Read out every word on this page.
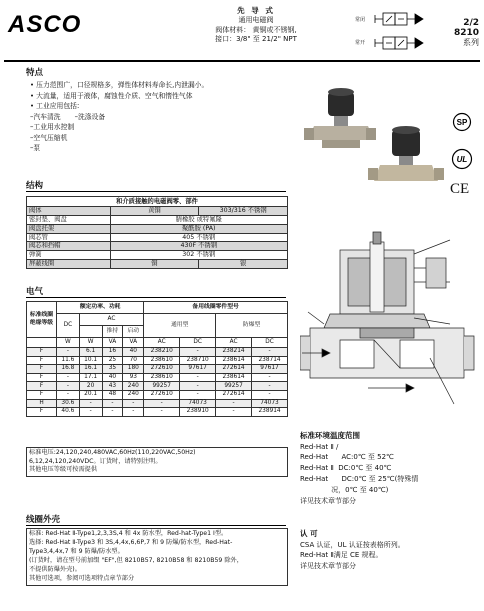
ASCO
先 导 式
通用电磁阀
阀体材料： 黄铜或不锈钢,
接口：3/8" 至 21/2" NPT
常闭
常开
2/2
8210
系列
特点
• 压力范围广，口径规格多，弹性体材料寿命长,内泄漏小。
• 大流量，适用于液体，腐蚀性介质、空气和惰性气体
• 工业应用包括:
–汽车清洗 –洗涤设备
–工业用水控制
–空气压缩机
–泵
SP
UL
CE
结构
和介质接触的电磁阀零、部件		
阀体	黄铜	303/316 不锈钢
密封垫、阀盘	腈橡胶 或特氟隆	
阀盘托架	聚酰胺 (PA)	
阀芯管	405 不锈钢	
阀芯和挡帽	430F 不锈钢	
弹簧	302 不锈钢	
屏蔽线圈	铜	银
电气
标准线圈绝缘等级	额定功率、功耗				备用线圈零件型号			
	DC	AC			通用型		防爆型	
			推持	启动				
	W	W	VA	VA	AC	DC	AC	DC
F	-	6.1	16	40	238210	-	238214	-
F	11.6	10.1	25	70	238610	238710	238614	238714
F	16.8	16.1	35	180	272610	97617	272614	97617
F	-	17.1	40	93	238610	-	238614	-
F	-	20	43	240	99257	-	99257	-
F	-	20.1	48	240	272610	-	272614	-
H	30.6	-	-	-	-	74073	-	74073
F	40.6	-	-	-	-	238910	-	238914
标准电压:24,120,240,480VAC,60Hz(110,220VAC,50Hz)
6,12,24,120,240VDC。订货时，请特别注明。
其他电压等级可按需提供
线圈外壳
标准: Red-Hat Ⅱ-Type1,2,3,3S,4 和 4x 防水型，Red-hat-Type1 Ⅰ型。
选择: Red-Hat Ⅱ-Type3 和 3S,4,4x,6,6P,7 和 9 防爆/防水型，Red-Hat-
Type3,4,4x,7 和 9 防爆/防水型。
(订货时，请在型号前加缀 "EF",但 8210B57, 8210B58 和 8210B59 除外，
不提供防爆外壳)。
其他可选项，参阅可选项特点章节部分
标准环境温度范围
Red-Hat Ⅱ /
Red-Hat      AC:0℃ 至 52℃
Red-Hat Ⅱ  DC:0℃ 至 40℃
Red-Hat      DC:0℃ 至 25℃(特殊情
况，0℃ 至 40℃)
详见技术章节部分
认 可
CSA 认证，UL 认证按表格所列。
Red-Hat Ⅱ满足 CE 规程。
详见技术章节部分
